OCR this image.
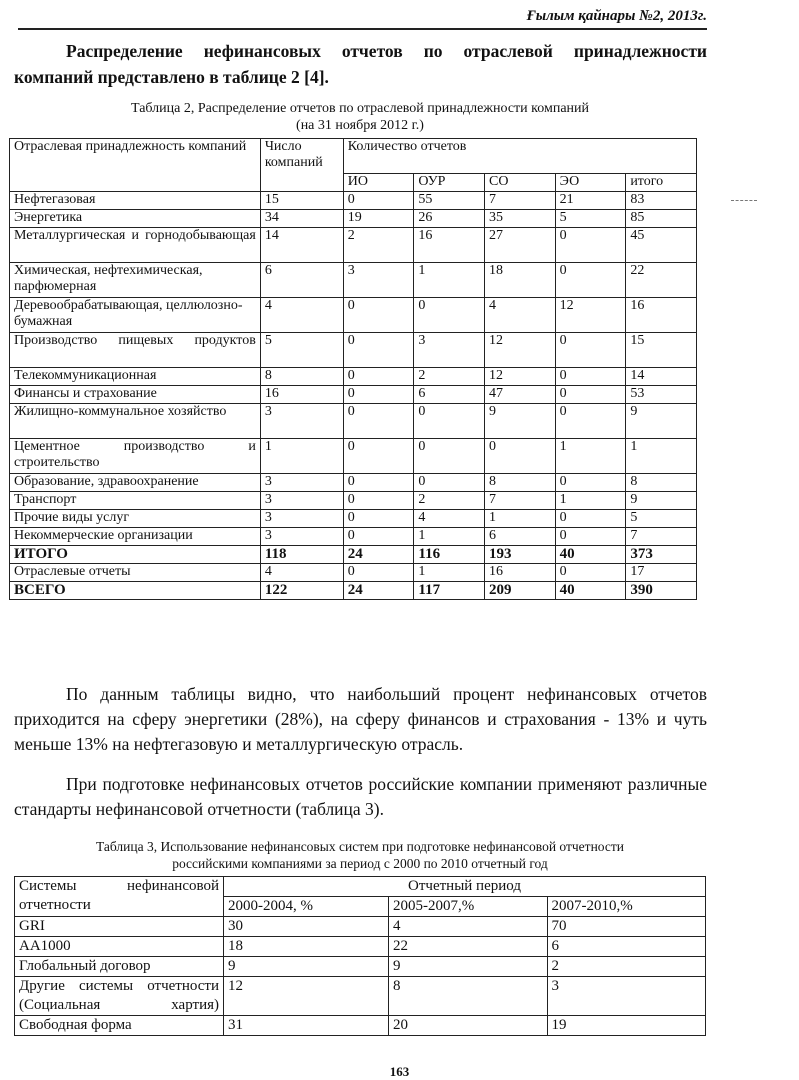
Ғылым қайнары №2, 2013г.

Распределение нефинансовых отчетов по отраслевой принадлежности компаний представлено в таблице 2 [4].

Таблица 2, Распределение отчетов по отраслевой принадлежности компаний
(на 31 ноября 2012 г.)
Отраслевая принадлежность компаний	Число компаний	Количество отчетов				
		ИО	ОУР	СО	ЭО	итого
Нефтегазовая	15	0	55	7	21	83
Энергетика	34	19	26	35	5	85
Металлургическая и горнодобывающая	14	2	16	27	0	45
Химическая, нефтехимическая, парфюмерная	6	3	1	18	0	22
Деревообрабатывающая, целлюлозно-бумажная	4	0	0	4	12	16
Производство пищевых продуктов	5	0	3	12	0	15
Телекоммуникационная	8	0	2	12	0	14
Финансы и страхование	16	0	6	47	0	53
Жилищно-коммунальное хозяйство	3	0	0	9	0	9
Цементное производство и строительство	1	0	0	0	1	1
Образование, здравоохранение	3	0	0	8	0	8
Транспорт	3	0	2	7	1	9
Прочие виды услуг	3	0	4	1	0	5
Некоммерческие организации	3	0	1	6	0	7
ИТОГО	118	24	116	193	40	373
Отраслевые отчеты	4	0	1	16	0	17
ВСЕГО	122	24	117	209	40	390

По данным таблицы видно, что наибольший процент нефинансовых отчетов приходится на сферу энергетики (28%), на сферу финансов и страхования - 13% и чуть меньше 13% на нефтегазовую и металлургическую отрасль.

При подготовке нефинансовых отчетов российские компании применяют различные стандарты нефинансовой отчетности (таблица 3).

Таблица 3, Использование нефинансовых систем при подготовке нефинансовой отчетности
российскими компаниями за период с 2000 по 2010 отчетный год
Системы нефинансовой отчетности	Отчетный период		
	2000-2004, %	2005-2007,%	2007-2010,%
GRI	30	4	70
AA1000	18	22	6
Глобальный договор	9	9	2
Другие системы отчетности (Социальная хартия)	12	8	3
Свободная форма	31	20	19
163
